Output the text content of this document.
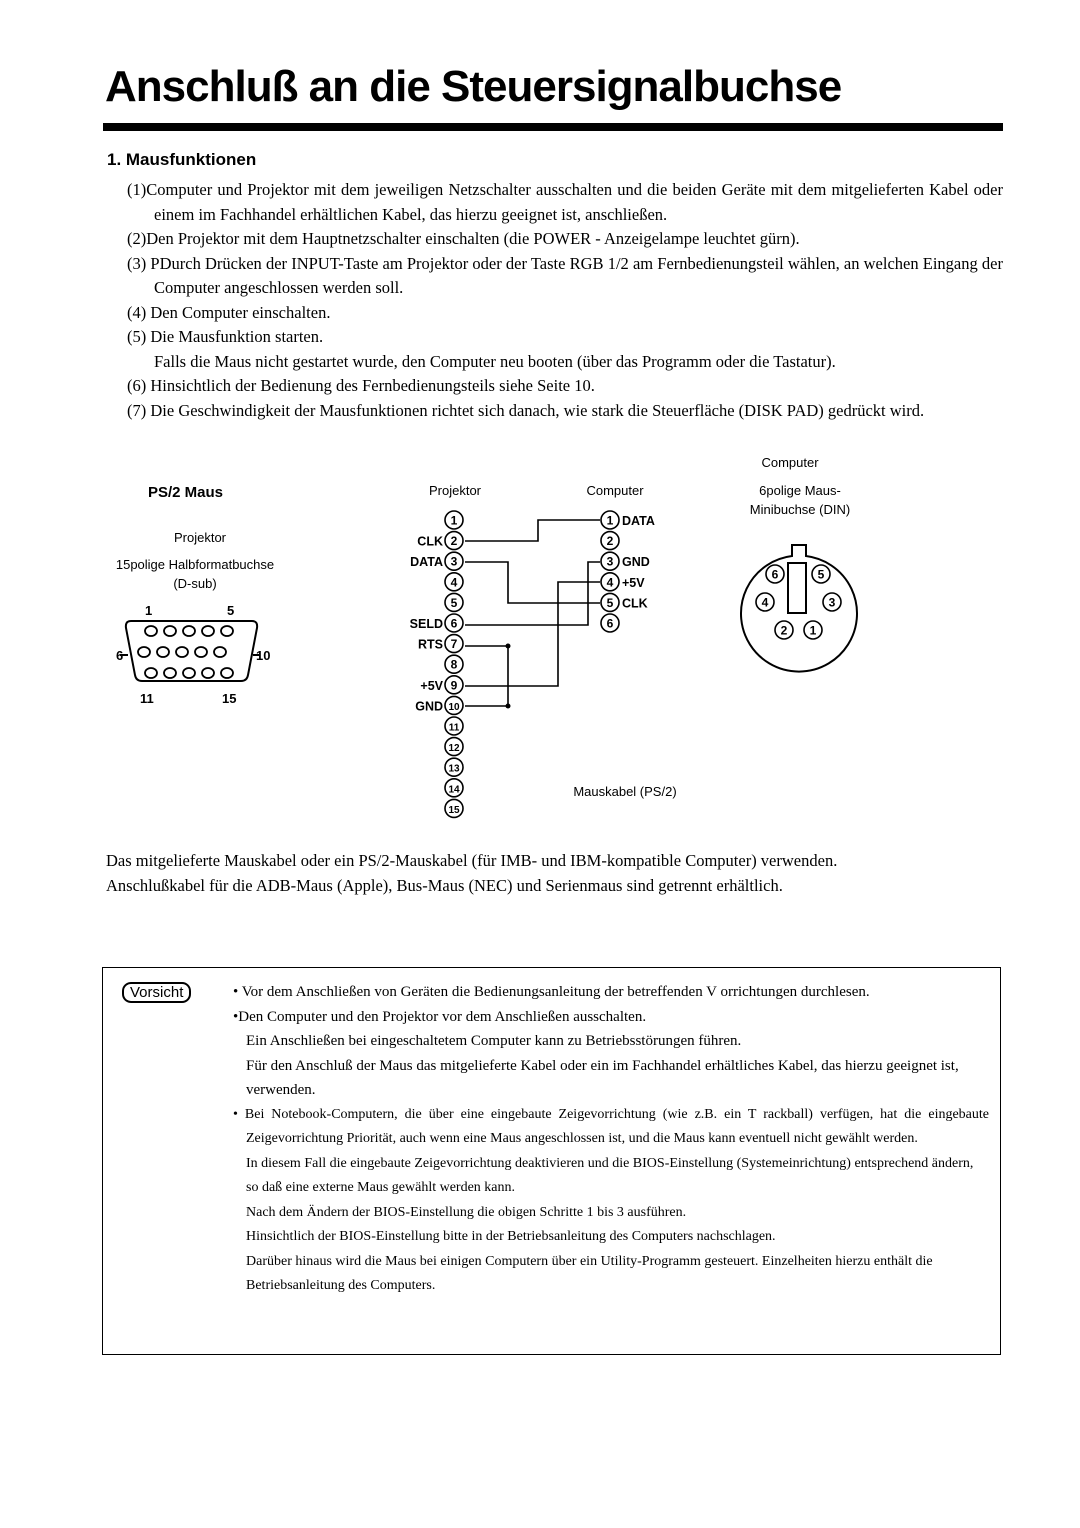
Anschluß an die Steuersignalbuchse
1. Mausfunktionen
(1)Computer und Projektor mit dem jeweiligen Netzschalter ausschalten und die beiden Geräte mit dem mitgelieferten Kabel oder einem im Fachhandel erhältlichen Kabel, das hierzu geeignet ist, anschließen.
(2)Den Projektor mit dem Hauptnetzschalter einschalten (die POWER - Anzeigelampe leuchtet gürn).
(3) PDurch Drücken der INPUT-Taste am Projektor oder der Taste RGB 1/2 am Fernbedienungsteil wählen, an welchen Eingang der Computer angeschlossen werden soll.
(4) Den Computer einschalten.
(5) Die Mausfunktion starten.
Falls die Maus nicht gestartet wurde, den Computer neu booten (über das Programm oder die Tastatur).
(6) Hinsichtlich der Bedienung des Fernbedienungsteils siehe Seite 10.
(7) Die Geschwindigkeit der Mausfunktionen richtet sich danach, wie stark die Steuerfläche (DISK PAD) gedrückt wird.
PS/2 Maus
Projektor
15polige Halbformatbuchse
(D-sub)
Projektor	Computer
Mauskabel (PS/2)
Computer
6polige Maus-
Minibuchse (DIN)
1
2
CLK
3
DATA
4
5
6
SELD
7
RTS
8
9
+5V
10
GND
11
12
13
14
15
1 DATA
2
3 GND
4 +5V
5 CLK
6
6	5
4	3
2 1
1	5
6	10
11	15
Das mitgelieferte Mauskabel oder ein PS/2-Mauskabel (für IMB- und IBM-kompatible Computer) verwenden.
Anschlußkabel für die ADB-Maus (Apple), Bus-Maus (NEC) und Serienmaus sind getrennt erhältlich.
Vorsicht	• Vor dem Anschließen von Geräten die Bedienungsanleitung der betreffenden V orrichtungen durchlesen.
•Den Computer und den Projektor vor dem Anschließen ausschalten.
Ein Anschließen bei eingeschaltetem Computer kann zu Betriebsstörungen führen.
Für den Anschluß der Maus das mitgelieferte Kabel oder ein im Fachhandel erhältliches Kabel, das hierzu geeignet ist, verwenden.
• Bei Notebook-Computern, die über eine eingebaute Zeigevorrichtung (wie z.B. ein T rackball) verfügen, hat die eingebaute Zeigevorrichtung Priorität, auch wenn eine Maus angeschlossen ist, und die Maus kann eventuell nicht gewählt werden.
In diesem Fall die eingebaute Zeigevorrichtung deaktivieren und die BIOS-Einstellung (Systemeinrichtung) entsprechend ändern, so daß eine externe Maus gewählt werden kann.
Nach dem Ändern der BIOS-Einstellung die obigen Schritte 1 bis 3 ausführen.
Hinsichtlich der BIOS-Einstellung bitte in der Betriebsanleitung des Computers nachschlagen.
Darüber hinaus wird die Maus bei einigen Computern über ein Utility-Programm gesteuert. Einzelheiten hierzu enthält die Betriebsanleitung des Computers.
